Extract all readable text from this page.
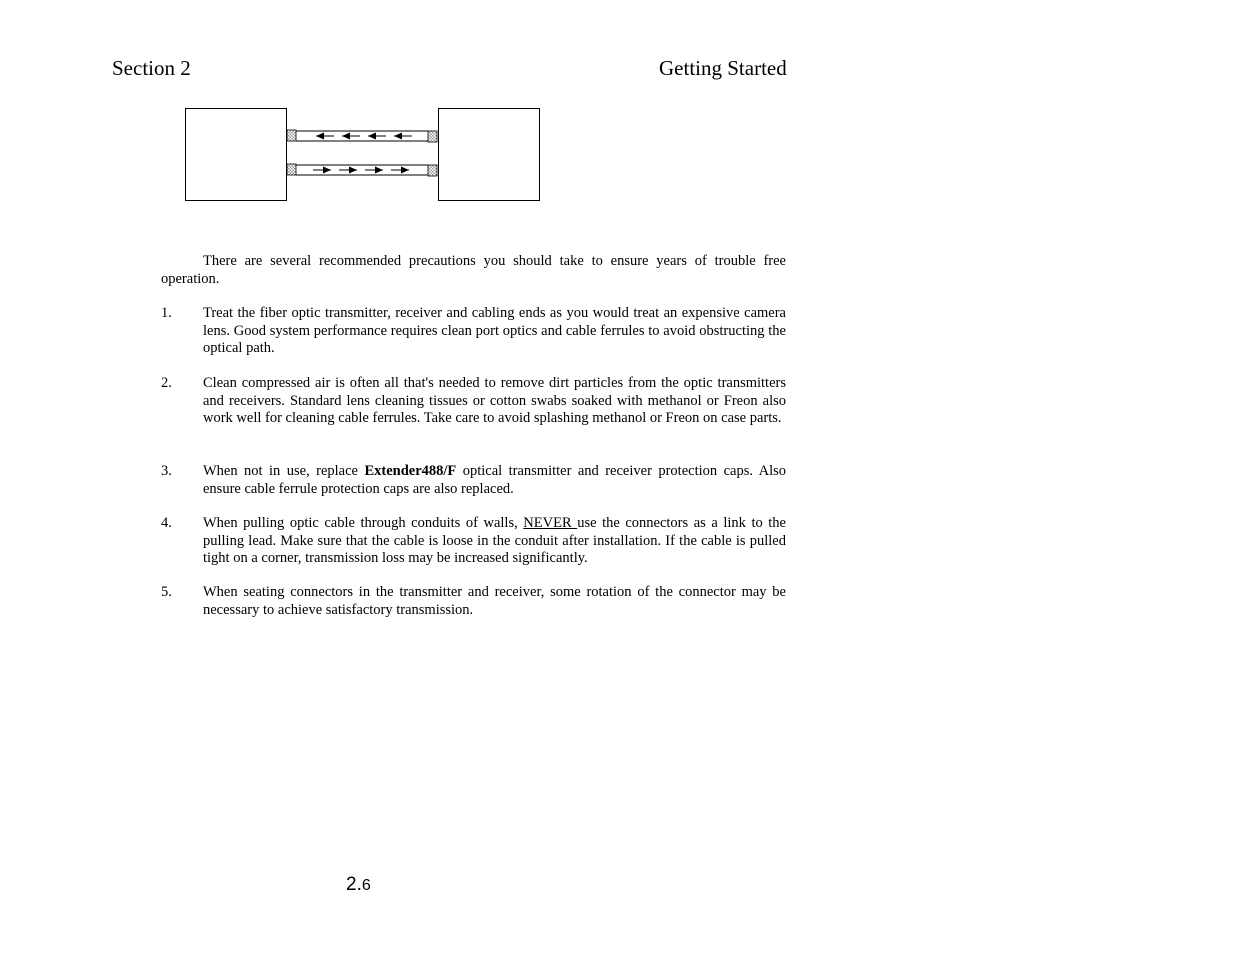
Section 2	Getting Started
There are several recommended precautions you should take to ensure years of trouble free operation.
1. Treat the fiber optic transmitter, receiver and cabling ends as you would treat an expensive camera lens. Good system performance requires clean port optics and cable ferrules to avoid obstructing the optical path.
2. Clean compressed air is often all that's needed to remove dirt particles from the optic transmitters and receivers. Standard lens cleaning tissues or cotton swabs soaked with methanol or Freon also work well for cleaning cable ferrules. Take care to avoid splashing methanol or Freon on case parts.
3. When not in use, replace Extender488/F optical transmitter and receiver protection caps. Also ensure cable ferrule protection caps are also replaced.
4. When pulling optic cable through conduits of walls, NEVER use the connectors as a link to the pulling lead. Make sure that the cable is loose in the conduit after installation. If the cable is pulled tight on a corner, transmission loss may be increased significantly.
5. When seating connectors in the transmitter and receiver, some rotation of the connector may be necessary to achieve satisfactory transmission.
2.6
